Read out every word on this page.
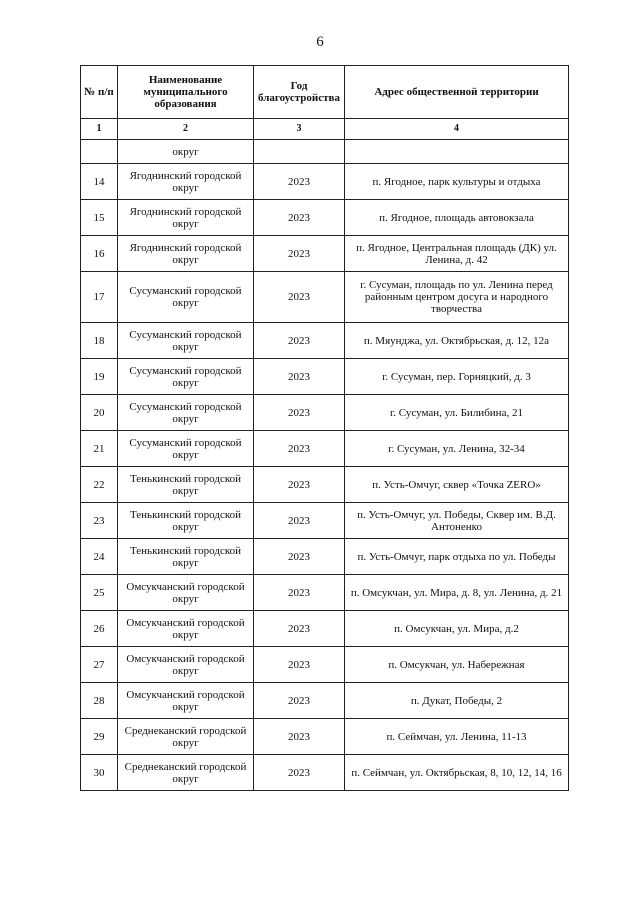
6
№ п/п	Наименование муниципального образования	Год благоустройства	Адрес общественной территории
1	2	3	4
	округ		
14	Ягоднинский городской округ	2023	п. Ягодное, парк культуры и отдыха
15	Ягоднинский городской округ	2023	п. Ягодное, площадь автовокзала
16	Ягоднинский городской округ	2023	п. Ягодное, Центральная площадь (ДК) ул. Ленина, д. 42
17	Сусуманский городской округ	2023	г. Сусуман, площадь по ул. Ленина перед районным центром досуга и народного творчества
18	Сусуманский городской округ	2023	п. Мяунджа, ул. Октябрьская, д. 12, 12а
19	Сусуманский городской округ	2023	г. Сусуман, пер. Горняцкий, д. 3
20	Сусуманский городской округ	2023	г. Сусуман, ул. Билибина, 21
21	Сусуманский городской округ	2023	г. Сусуман, ул. Ленина, 32-34
22	Тенькинский городской округ	2023	п. Усть-Омчуг, сквер «Точка ZERO»
23	Тенькинский городской округ	2023	п. Усть-Омчуг, ул. Победы, Сквер им. В.Д. Антоненко
24	Тенькинский городской округ	2023	п. Усть-Омчуг, парк отдыха по ул. Победы
25	Омсукчанский городской округ	2023	п. Омсукчан, ул. Мира, д. 8, ул. Ленина, д. 21
26	Омсукчанский городской округ	2023	п. Омсукчан, ул. Мира, д.2
27	Омсукчанский городской округ	2023	п. Омсукчан, ул. Набережная
28	Омсукчанский городской округ	2023	п. Дукат, Победы, 2
29	Среднеканский городской округ	2023	п. Сеймчан, ул. Ленина, 11-13
30	Среднеканский городской округ	2023	п. Сеймчан, ул. Октябрьская, 8, 10, 12, 14, 16
